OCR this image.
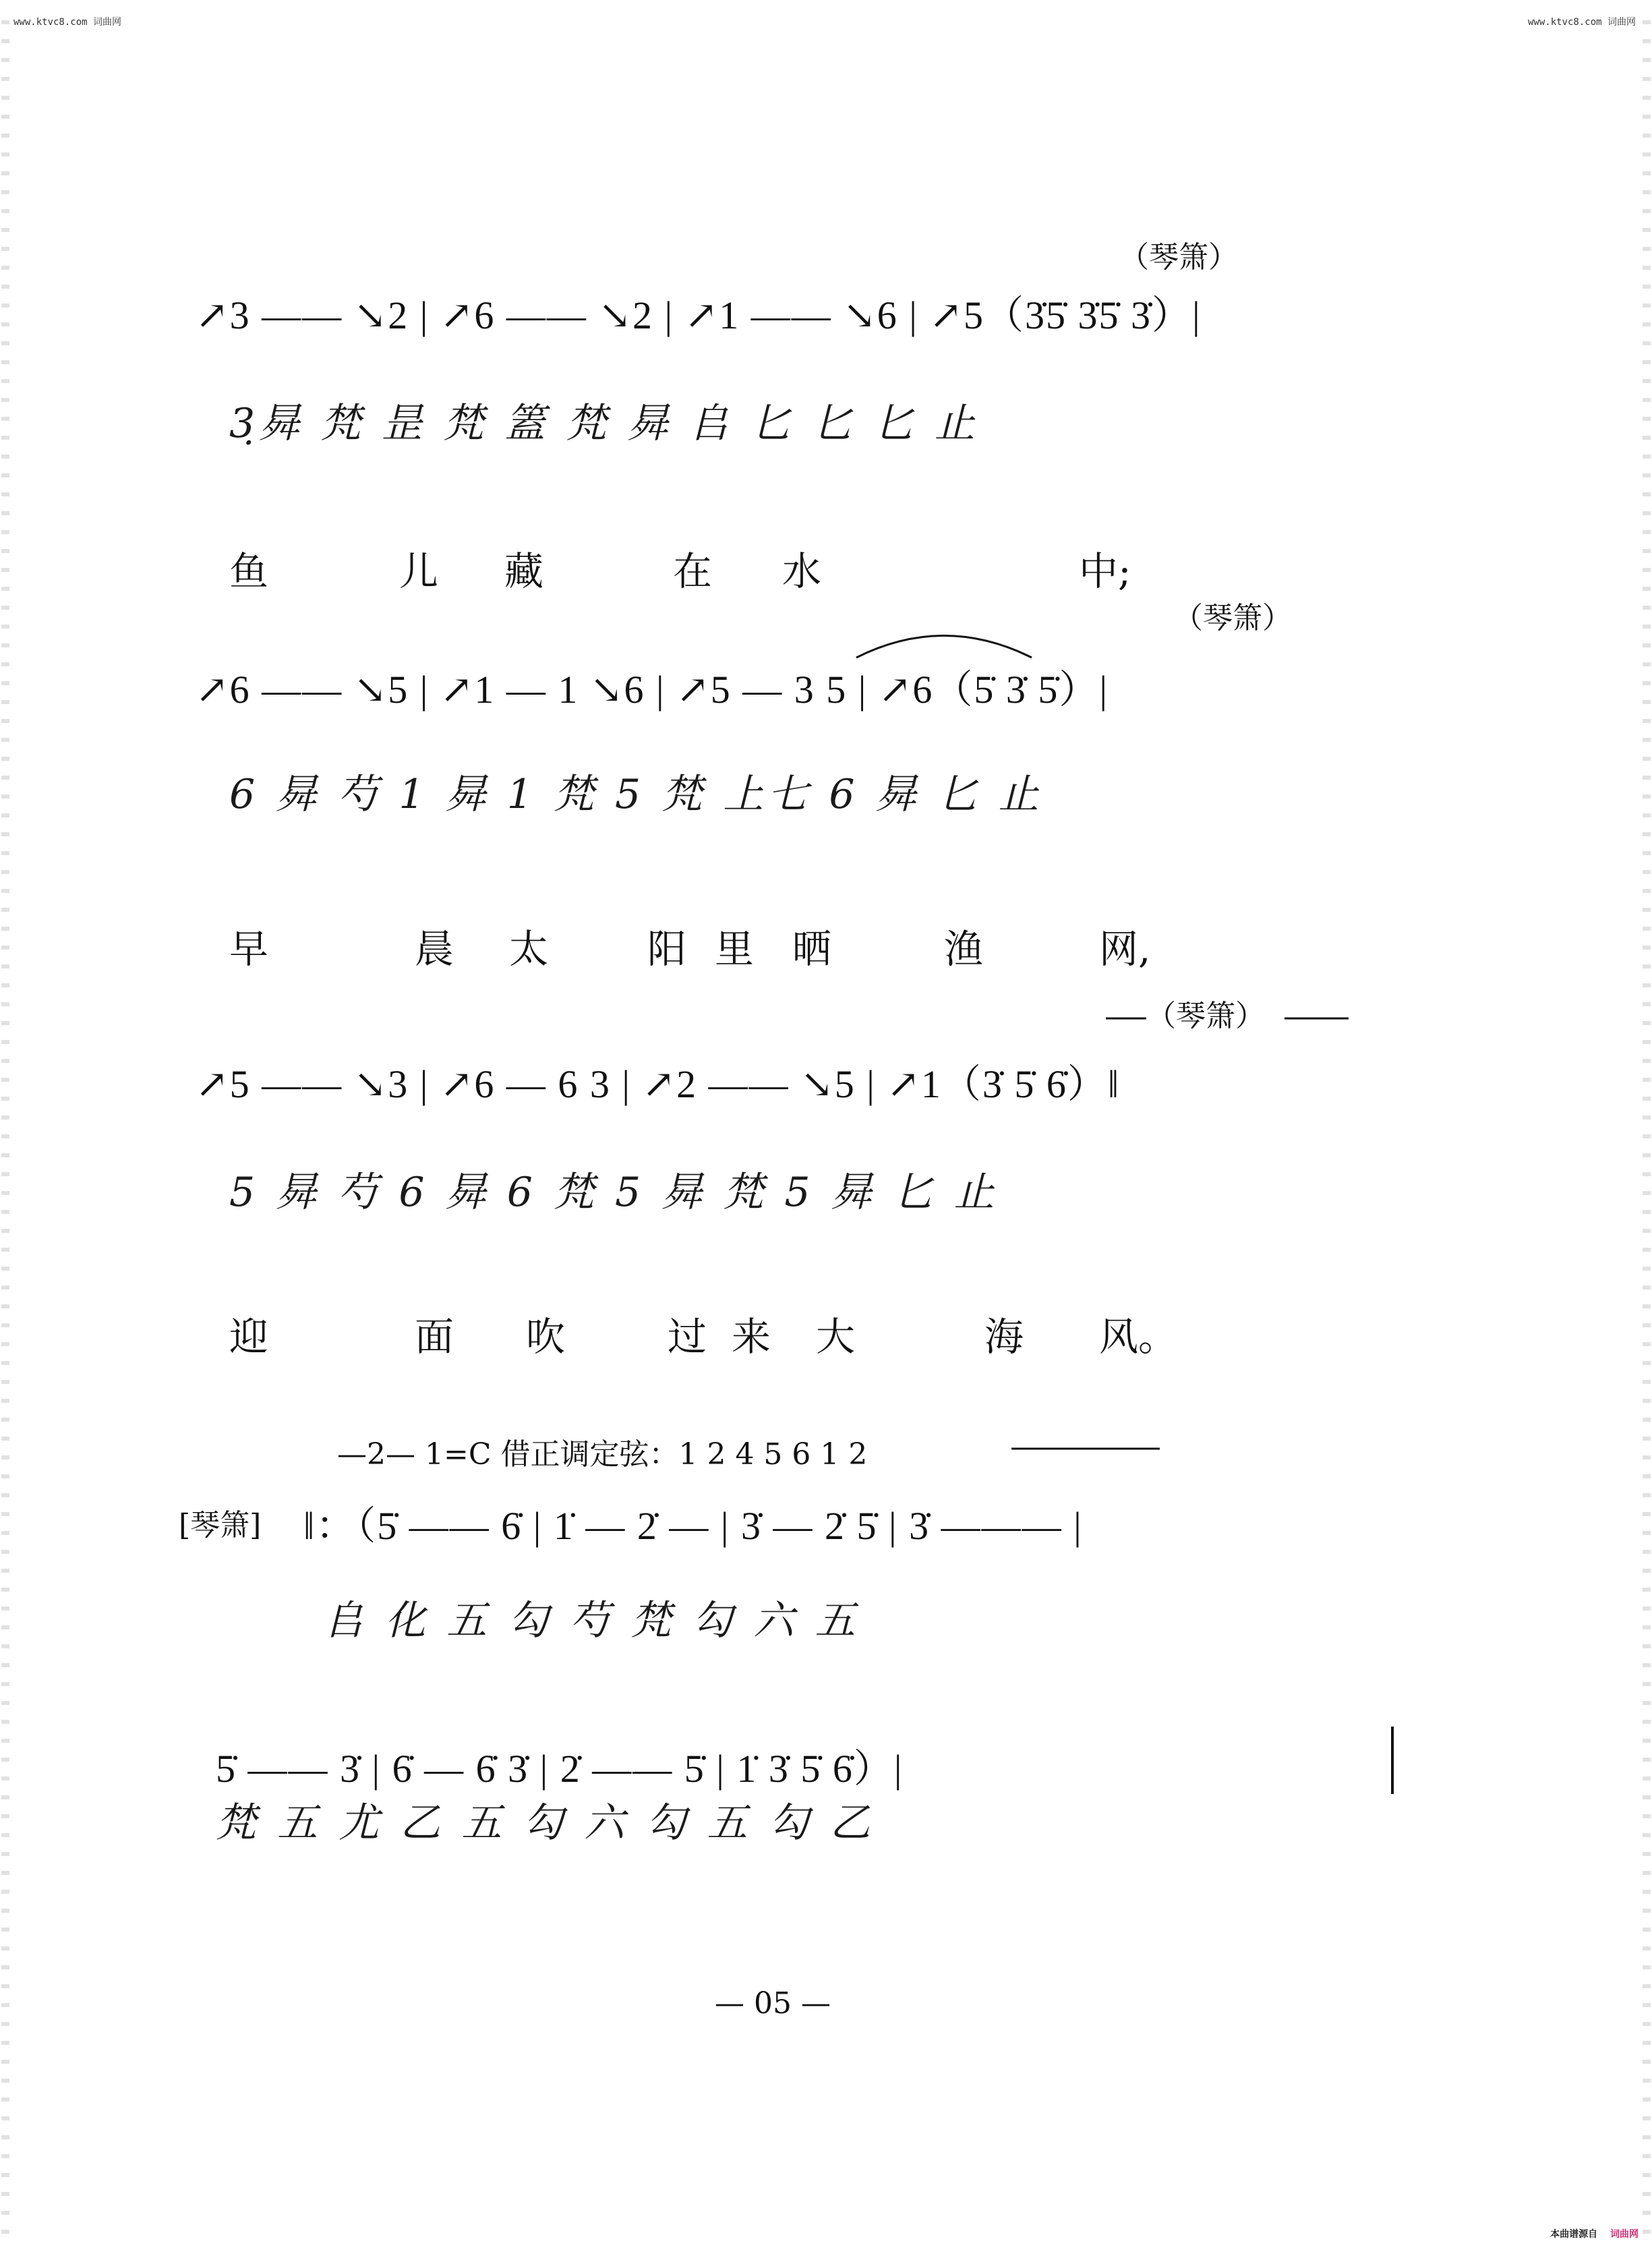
www.ktvc8.com 词曲网	www.ktvc8.com 词曲网
（琴箫）
↗3 —— ↘2 | ↗6 —— ↘2 | ↗1 —— ↘6 | ↗5（3̇5̇ 3̇5̇ 3̇）|
3̣曻 梵 昰 梵 篕 梵 曻 𠂤 匕 匕 匕 止
鱼	儿 藏	在 水	中;
（琴箫）
↗6 —— ↘5 | ↗1 — 1 ↘6 | ↗5 — 3 5 | ↗6（5̇ 3̇ 5̇）|
6 曻 芍 1 曻 1 梵 5 梵 上七 6 曻 匕 止
早	晨 太	阳 里 晒	渔	网,
（琴箫）
↗5 —— ↘3 | ↗6 — 6 3 | ↗2 —— ↘5 | ↗1（3̇ 5̇ 6̇）‖
5 曻 芍 6 曻 6 梵 5 曻 梵 5 曻 匕 止
迎	面 吹	过 来 大	海 风。
—2— 1=C 借正调定弦：1 2 4 5 6 1 2
[琴箫] ‖：（5̇ —— 6̇ | 1̇ — 2̇ — | 3̇ — 2̇ 5̇ | 3̇ ——— |
𠂤 化 五 勾 芍 梵 勾 六 五
5̇ —— 3̇ | 6̇ — 6̇ 3̇ | 2̇ —— 5̇ | 1̇ 3̇ 5̇ 6̇）|
梵 五 尤 乙 五 勾 六 勾 五 勾 乙
— 05 —
本曲谱源自 词曲网
